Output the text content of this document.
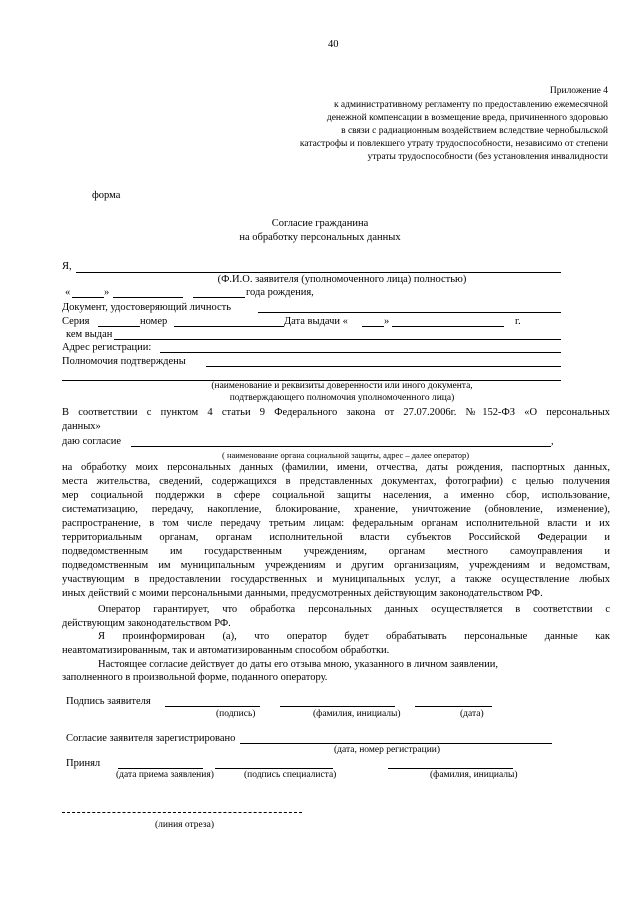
40
Приложение 4
к административному регламенту по предоставлению ежемесячной
денежной компенсации в возмещение вреда, причиненного здоровью
в связи с радиационным воздействием вследствие чернобыльской
катастрофы и повлекшего утрату трудоспособности, независимо от степени
утраты трудоспособности (без установления инвалидности
форма
Согласие гражданина
на обработку персональных данных
Я,
(Ф.И.О. заявителя (уполномоченного лица) полностью)
«	»	года рождения,
Документ, удостоверяющий личность
Серия	номер	Дата выдачи «	»	г.
кем выдан
Адрес регистрации:
Полномочия подтверждены
(наименование и реквизиты доверенности или иного документа,
подтверждающего полномочия уполномоченного лица)
В соответствии с пунктом 4 статьи 9 Федерального закона от 27.07.2006г. №152-ФЗ «О персональных
данных»
даю согласие	,
( наименование органа социальной защиты, адрес – далее оператор)
на обработку моих персональных данных (фамилии, имени, отчества, даты рождения, паспортных данных,
места жительства, сведений, содержащихся в представленных документах, фотографии) с целью получения
мер социальной поддержки в сфере социальной защиты населения, а именно сбор, использование,
систематизацию, передачу, накопление, блокирование, хранение, уничтожение (обновление, изменение),
распространение, в том числе передачу третьим лицам: федеральным органам исполнительной власти и их
территориальным органам, органам исполнительной власти субъектов Российской Федерации и
подведомственным им государственным учреждениям, органам местного самоуправления и
подведомственным им муниципальным учреждениям и другим организациям, учреждениям и ведомствам,
участвующим в предоставлении государственных и муниципальных услуг, а также осуществление любых
иных действий с моими персональными данными, предусмотренных действующим законодательством РФ.
Оператор гарантирует, что обработка персональных данных осуществляется в соответствии с
действующим законодательством РФ.
Я проинформирован (а), что оператор будет обрабатывать персональные данные как
неавтоматизированным, так и автоматизированным способом обработки.
Настоящее согласие действует до даты его отзыва мною, указанного в личном заявлении,
заполненного в произвольной форме, поданного оператору.
Подпись заявителя
(подпись)	(фамилия, инициалы)	(дата)
Согласие заявителя зарегистрировано
(дата, номер регистрации)
Принял
(дата приема заявления)	(подпись специалиста)	(фамилия, инициалы)
(линия отреза)
